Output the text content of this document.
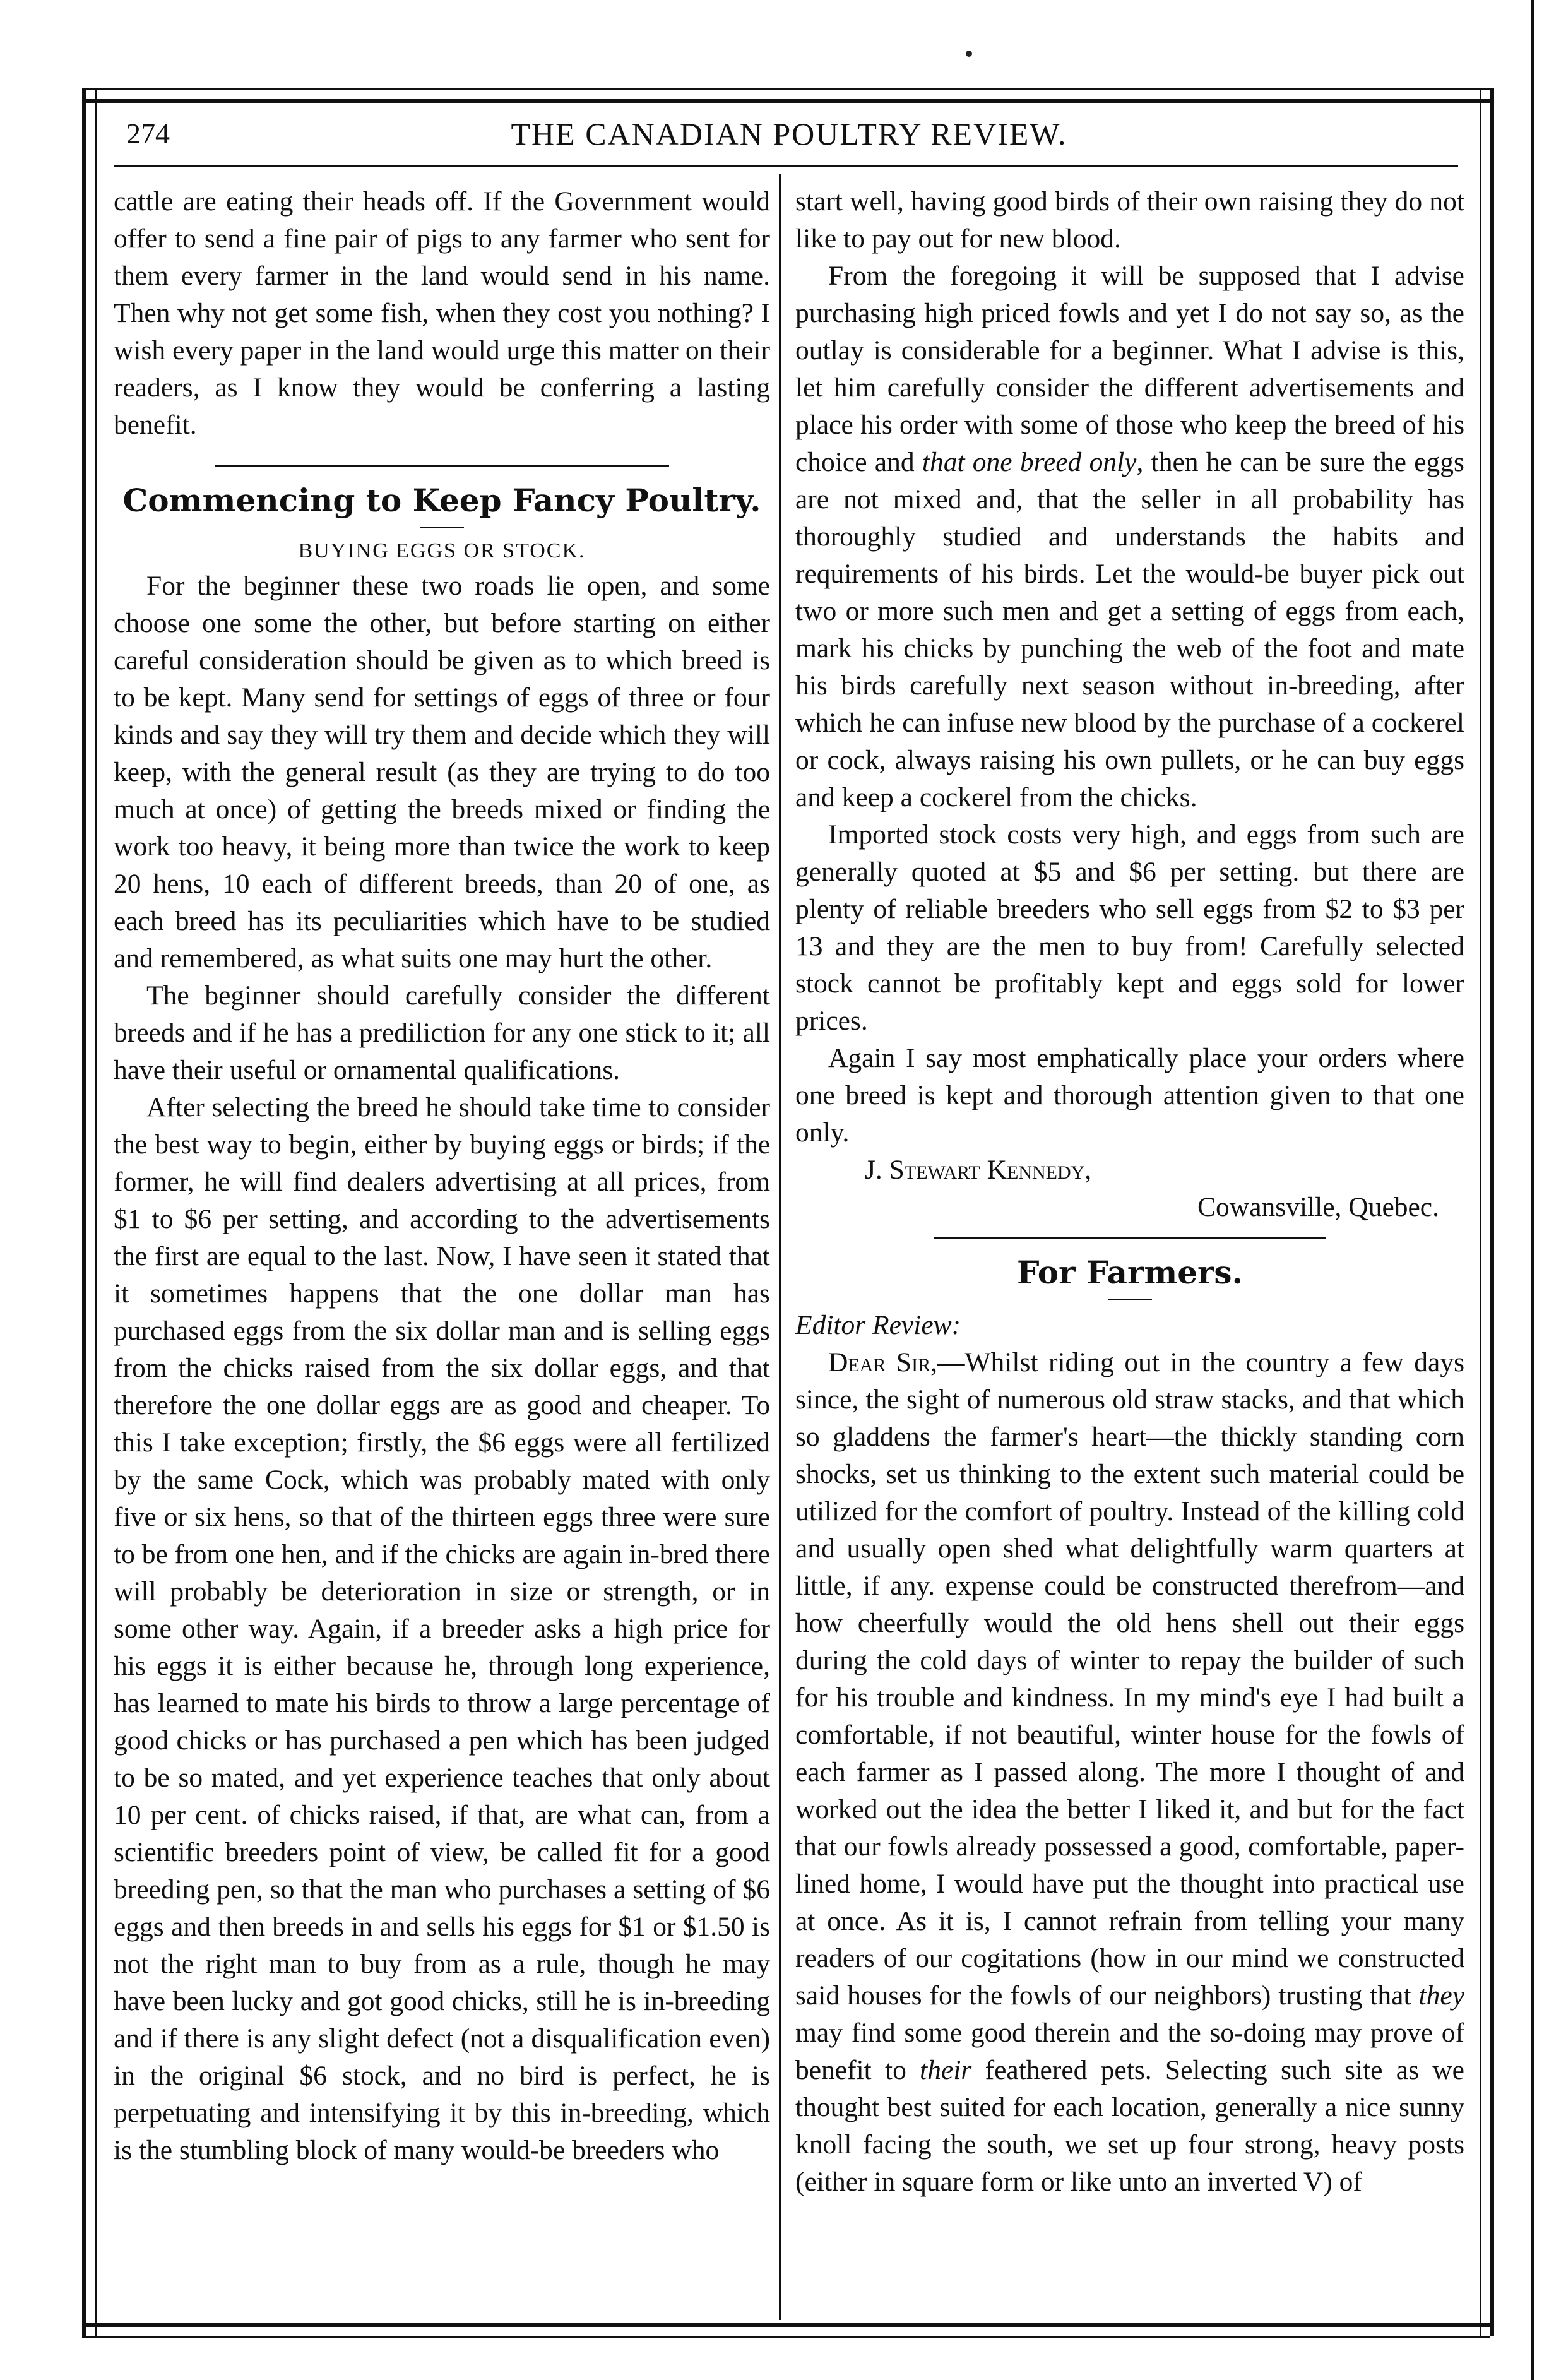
274	THE CANADIAN POULTRY REVIEW.

cattle are eating their heads off. If the Government would offer to send a fine pair of pigs to any farmer who sent for them every farmer in the land would send in his name. Then why not get some fish, when they cost you nothing? I wish every paper in the land would urge this matter on their readers, as I know they would be conferring a lasting benefit.

Commencing to Keep Fancy Poultry.
BUYING EGGS OR STOCK.

For the beginner these two roads lie open, and some choose one some the other, but before starting on either careful consideration should be given as to which breed is to be kept. Many send for settings of eggs of three or four kinds and say they will try them and decide which they will keep, with the general result (as they are trying to do too much at once) of getting the breeds mixed or finding the work too heavy, it being more than twice the work to keep 20 hens, 10 each of different breeds, than 20 of one, as each breed has its peculiarities which have to be studied and remembered, as what suits one may hurt the other.

The beginner should carefully consider the different breeds and if he has a prediliction for any one stick to it; all have their useful or ornamental qualifications.

After selecting the breed he should take time to consider the best way to begin, either by buying eggs or birds; if the former, he will find dealers advertising at all prices, from $1 to $6 per setting, and according to the advertisements the first are equal to the last. Now, I have seen it stated that it sometimes happens that the one dollar man has purchased eggs from the six dollar man and is selling eggs from the chicks raised from the six dollar eggs, and that therefore the one dollar eggs are as good and cheaper. To this I take exception; firstly, the $6 eggs were all fertilized by the same Cock, which was probably mated with only five or six hens, so that of the thirteen eggs three were sure to be from one hen, and if the chicks are again in-bred there will probably be deterioration in size or strength, or in some other way. Again, if a breeder asks a high price for his eggs it is either because he, through long experience, has learned to mate his birds to throw a large percentage of good chicks or has purchased a pen which has been judged to be so mated, and yet experience teaches that only about 10 per cent. of chicks raised, if that, are what can, from a scientific breeders point of view, be called fit for a good breeding pen, so that the man who purchases a setting of $6 eggs and then breeds in and sells his eggs for $1 or $1.50 is not the right man to buy from as a rule, though he may have been lucky and got good chicks, still he is in-breeding and if there is any slight defect (not a disqualification even) in the original $6 stock, and no bird is perfect, he is perpetuating and intensifying it by this in-breeding, which is the stumbling block of many would-be breeders who

start well, having good birds of their own raising they do not like to pay out for new blood.

From the foregoing it will be supposed that I advise purchasing high priced fowls and yet I do not say so, as the outlay is considerable for a beginner. What I advise is this, let him carefully consider the different advertisements and place his order with some of those who keep the breed of his choice and that one breed only, then he can be sure the eggs are not mixed and, that the seller in all probability has thoroughly studied and understands the habits and requirements of his birds. Let the would-be buyer pick out two or more such men and get a setting of eggs from each, mark his chicks by punching the web of the foot and mate his birds carefully next season without in-breeding, after which he can infuse new blood by the purchase of a cockerel or cock, always raising his own pullets, or he can buy eggs and keep a cockerel from the chicks.

Imported stock costs very high, and eggs from such are generally quoted at $5 and $6 per setting. but there are plenty of reliable breeders who sell eggs from $2 to $3 per 13 and they are the men to buy from! Carefully selected stock cannot be profitably kept and eggs sold for lower prices.

Again I say most emphatically place your orders where one breed is kept and thorough attention given to that one only.

J. Stewart Kennedy,

Cowansville, Quebec.

For Farmers.

Editor Review:

Dear Sir,—Whilst riding out in the country a few days since, the sight of numerous old straw stacks, and that which so gladdens the farmer's heart—the thickly standing corn shocks, set us thinking to the extent such material could be utilized for the comfort of poultry. Instead of the killing cold and usually open shed what delightfully warm quarters at little, if any. expense could be constructed therefrom—and how cheerfully would the old hens shell out their eggs during the cold days of winter to repay the builder of such for his trouble and kindness. In my mind's eye I had built a comfortable, if not beautiful, winter house for the fowls of each farmer as I passed along. The more I thought of and worked out the idea the better I liked it, and but for the fact that our fowls already possessed a good, comfortable, paper-lined home, I would have put the thought into practical use at once. As it is, I cannot refrain from telling your many readers of our cogitations (how in our mind we constructed said houses for the fowls of our neighbors) trusting that they may find some good therein and the so-doing may prove of benefit to their feathered pets. Selecting such site as we thought best suited for each location, generally a nice sunny knoll facing the south, we set up four strong, heavy posts (either in square form or like unto an inverted V) of
